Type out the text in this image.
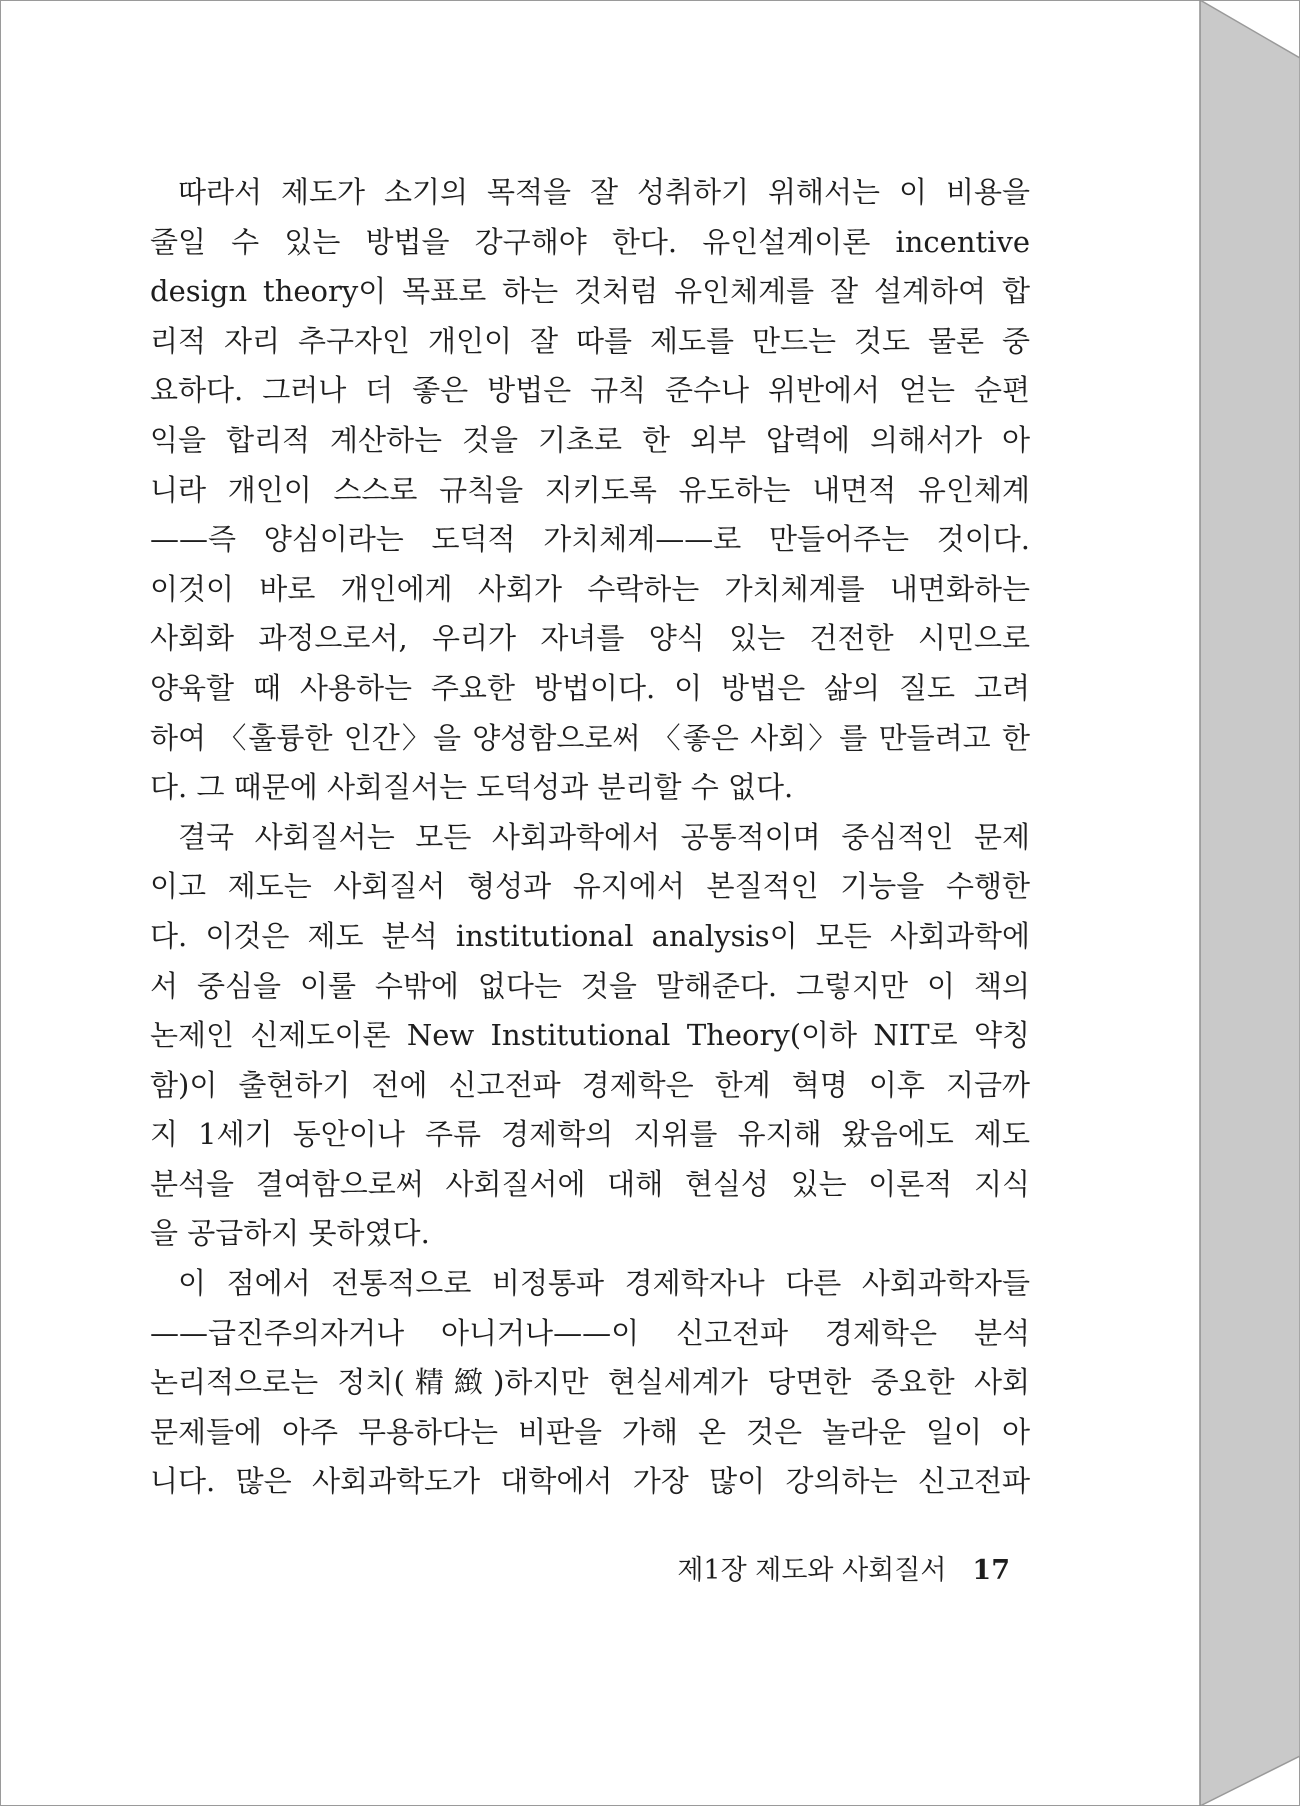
따라서 제도가 소기의 목적을 잘 성취하기 위해서는 이 비용을
줄일 수 있는 방법을 강구해야 한다. 유인설계이론 incentive
design theory이 목표로 하는 것처럼 유인체계를 잘 설계하여 합
리적 자리 추구자인 개인이 잘 따를 제도를 만드는 것도 물론 중
요하다. 그러나 더 좋은 방법은 규칙 준수나 위반에서 얻는 순편
익을 합리적 계산하는 것을 기초로 한 외부 압력에 의해서가 아
니라 개인이 스스로 규칙을 지키도록 유도하는 내면적 유인체계
——즉 양심이라는 도덕적 가치체계——로 만들어주는 것이다.
이것이 바로 개인에게 사회가 수락하는 가치체계를 내면화하는
사회화 과정으로서, 우리가 자녀를 양식 있는 건전한 시민으로
양육할 때 사용하는 주요한 방법이다. 이 방법은 삶의 질도 고려
하여 〈훌륭한 인간〉을 양성함으로써 〈좋은 사회〉를 만들려고 한
다. 그 때문에 사회질서는 도덕성과 분리할 수 없다.
결국 사회질서는 모든 사회과학에서 공통적이며 중심적인 문제
이고 제도는 사회질서 형성과 유지에서 본질적인 기능을 수행한
다. 이것은 제도 분석 institutional analysis이 모든 사회과학에
서 중심을 이룰 수밖에 없다는 것을 말해준다. 그렇지만 이 책의
논제인 신제도이론 New Institutional Theory(이하 NIT로 약칭
함)이 출현하기 전에 신고전파 경제학은 한계 혁명 이후 지금까
지 1세기 동안이나 주류 경제학의 지위를 유지해 왔음에도 제도
분석을 결여함으로써 사회질서에 대해 현실성 있는 이론적 지식
을 공급하지 못하였다.
이 점에서 전통적으로 비정통파 경제학자나 다른 사회과학자들
——급진주의자거나 아니거나——이 신고전파 경제학은 분석
논리적으로는 정치(精緻)하지만 현실세계가 당면한 중요한 사회
문제들에 아주 무용하다는 비판을 가해 온 것은 놀라운 일이 아
니다. 많은 사회과학도가 대학에서 가장 많이 강의하는 신고전파
제1장 제도와 사회질서 17
